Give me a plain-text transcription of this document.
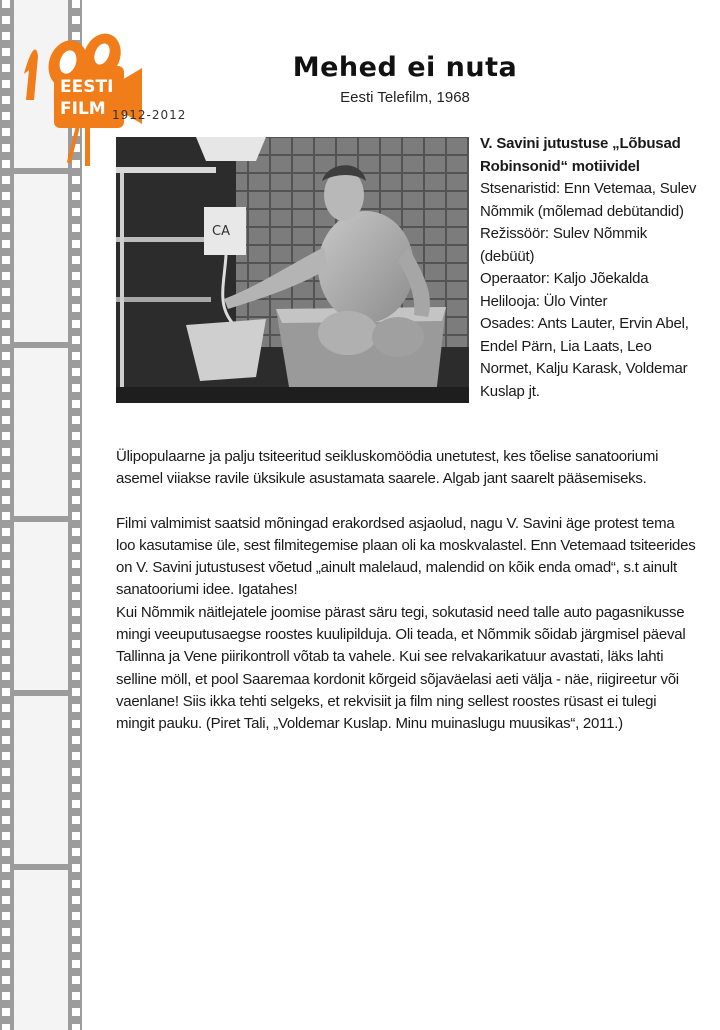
EESTI
FILM 1912-2012
Mehed ei nuta
Eesti Telefilm, 1968
CA
V. Savini jutustuse „Lõbusad Robinsonid“ motiividel
Stsenaristid: Enn Vetemaa, Sulev Nõmmik (mõlemad debütandid)
Režissöör: Sulev Nõmmik (debüüt)
Operaator: Kaljo Jõekalda
Helilooja: Ülo Vinter
Osades: Ants Lauter, Ervin Abel, Endel Pärn, Lia Laats, Leo Normet, Kalju Karask, Voldemar Kuslap jt.

Ülipopulaarne ja palju tsiteeritud seikluskomöödia unetutest, kes tõelise sanatooriumi asemel viiakse ravile üksikule asustamata saarele. Algab jant saarelt pääsemiseks.

Filmi valmimist saatsid mõningad erakordsed asjaolud, nagu V. Savini äge protest tema loo kasutamise üle, sest filmitegemise plaan oli ka moskvalastel. Enn Vetemaad tsiteerides on V. Savini jutustusest võetud „ainult malelaud, malendid on kõik enda omad“, s.t ainult sanatooriumi idee. Igatahes!

Kui Nõmmik näitlejatele joomise pärast säru tegi, sokutasid need talle auto pagasnikusse mingi veeuputusaegse roostes kuulipilduja. Oli teada, et Nõmmik sõidab järgmisel päeval Tallinna ja Vene piirikontroll võtab ta vahele. Kui see relvakarikatuur avastati, läks lahti selline möll, et pool Saaremaa kordonit kõrgeid sõjaväelasi aeti välja - näe, riigireetur või vaenlane! Siis ikka tehti selgeks, et rekvisiit ja film ning sellest roostes rüsast ei tulegi mingit pauku. (Piret Tali, „Voldemar Kuslap. Minu muinaslugu muusikas“, 2011.)
